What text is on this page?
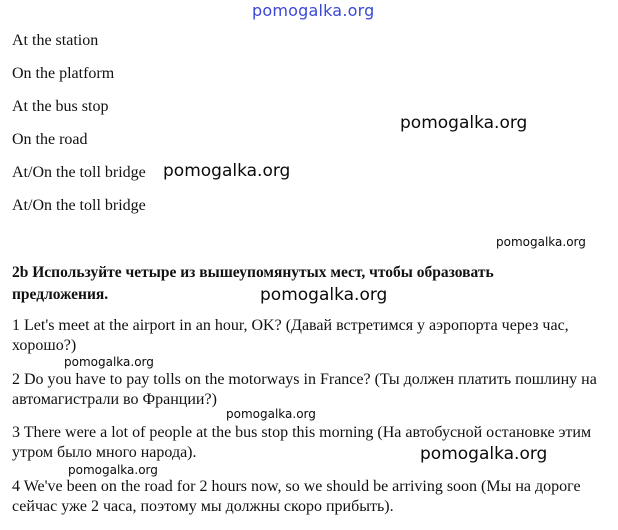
pomogalka.org
At the station
On the platform
At the bus stop
On the road
At/On the toll bridge
At/On the toll bridge
pomogalka.org
pomogalka.org
pomogalka.org
2b Используйте четыре из вышеупомянутых мест, чтобы образовать
предложения.	pomogalka.org
1 Let's meet at the airport in an hour, OK? (Давай встретимся у аэропорта через час, хорошо?)
pomogalka.org
2 Do you have to pay tolls on the motorways in France? (Ты должен платить пошлину на автомагистрали во Франции?)
pomogalka.org
3 There were a lot of people at the bus stop this morning (На автобусной остановке этим утром было много народа).	pomogalka.org
pomogalka.org
4 We've been on the road for 2 hours now, so we should be arriving soon (Мы на дороге сейчас уже 2 часа, поэтому мы должны скоро прибыть).
